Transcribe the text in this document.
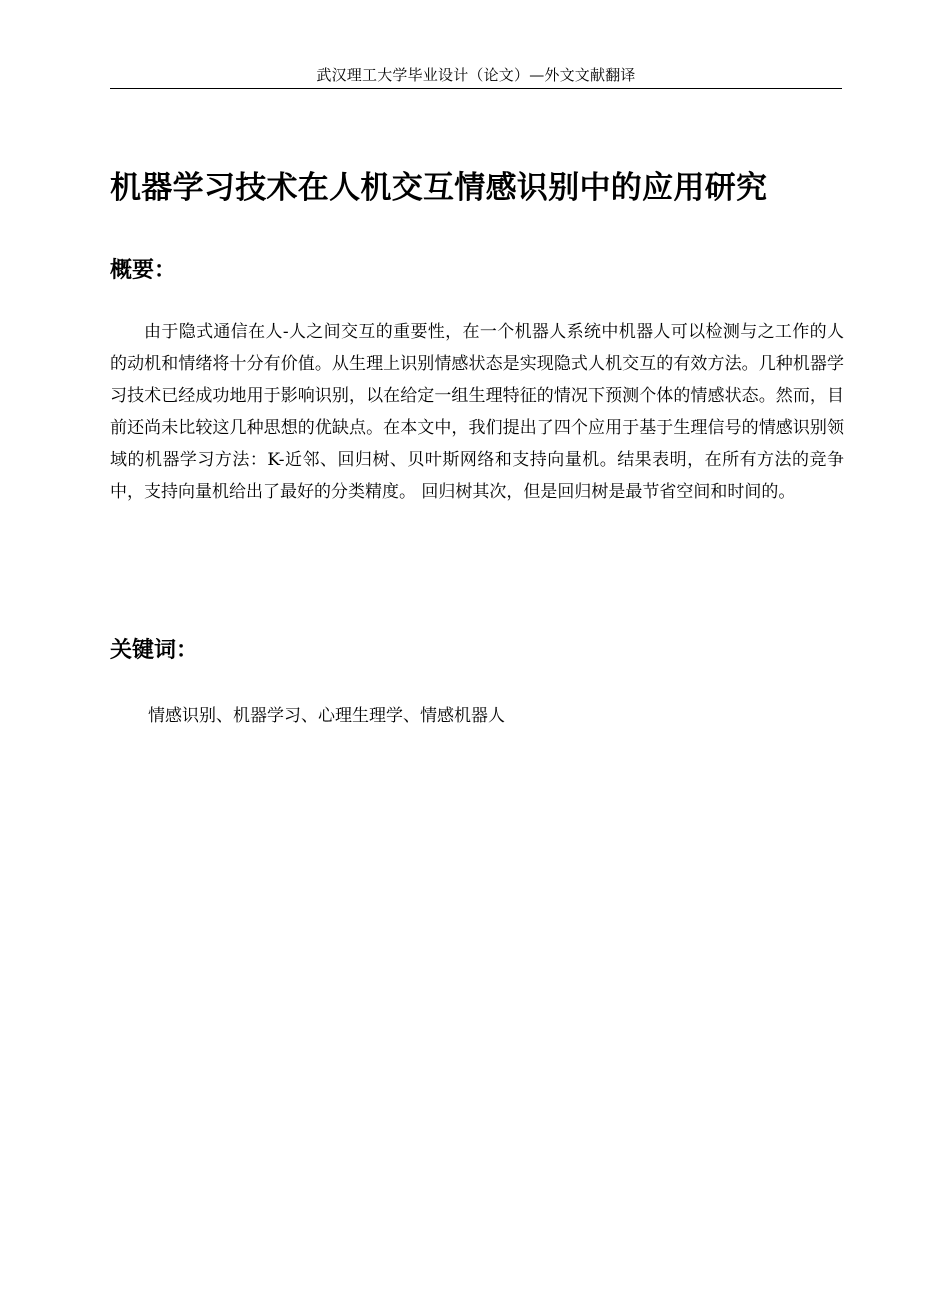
武汉理工大学毕业设计（论文）—外文文献翻译
机器学习技术在人机交互情感识别中的应用研究
概要：

由于隐式通信在人-人之间交互的重要性，在一个机器人系统中机器人可以检测与之工作的人的动机和情绪将十分有价值。从生理上识别情感状态是实现隐式人机交互的有效方法。几种机器学习技术已经成功地用于影响识别，以在给定一组生理特征的情况下预测个体的情感状态。然而，目前还尚未比较这几种思想的优缺点。在本文中，我们提出了四个应用于基于生理信号的情感识别领域的机器学习方法：K-近邻、回归树、贝叶斯网络和支持向量机。结果表明，在所有方法的竞争中，支持向量机给出了最好的分类精度。 回归树其次，但是回归树是最节省空间和时间的。

关键词：
情感识别、机器学习、心理生理学、情感机器人
